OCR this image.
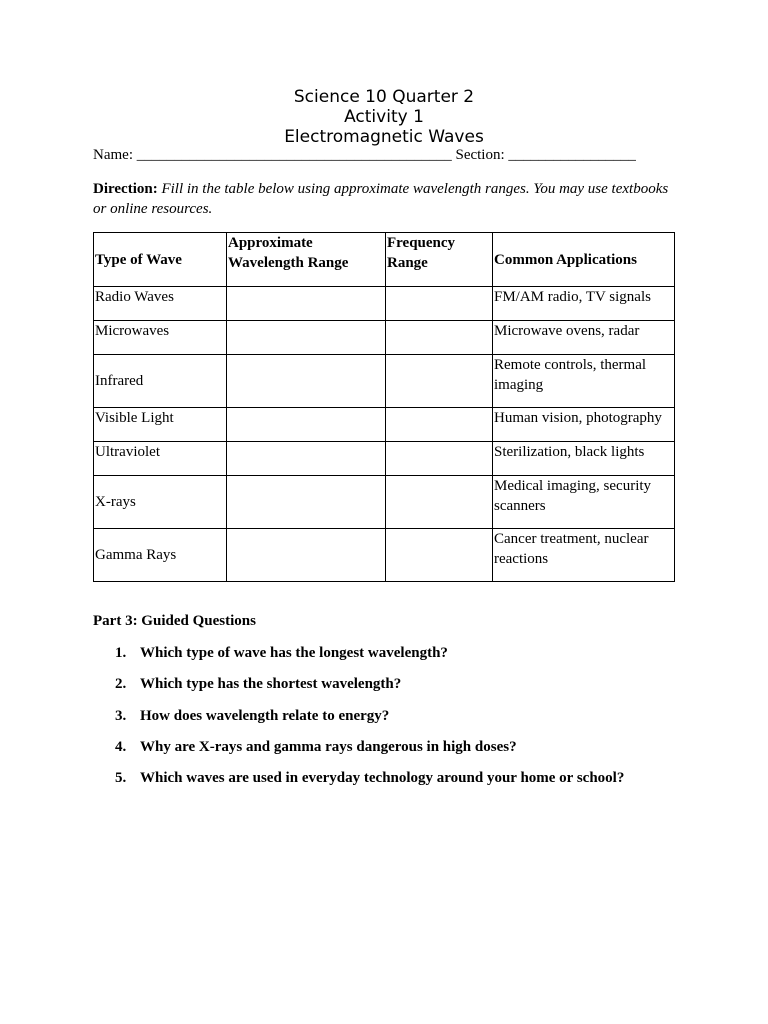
Science 10 Quarter 2
Activity 1
Electromagnetic Waves
Name: __________________________________________ Section: _________________
Direction: Fill in the table below using approximate wavelength ranges. You may use textbooks or online resources.
Type of Wave	Approximate Wavelength Range	Frequency Range	Common Applications
Radio Waves			FM/AM radio, TV signals
Microwaves			Microwave ovens, radar
Infrared			Remote controls, thermal imaging
Visible Light			Human vision, photography
Ultraviolet			Sterilization, black lights
X-rays			Medical imaging, security scanners
Gamma Rays			Cancer treatment, nuclear reactions
Part 3: Guided Questions
1. Which type of wave has the longest wavelength?
2. Which type has the shortest wavelength?
3. How does wavelength relate to energy?
4. Why are X-rays and gamma rays dangerous in high doses?
5. Which waves are used in everyday technology around your home or school?
